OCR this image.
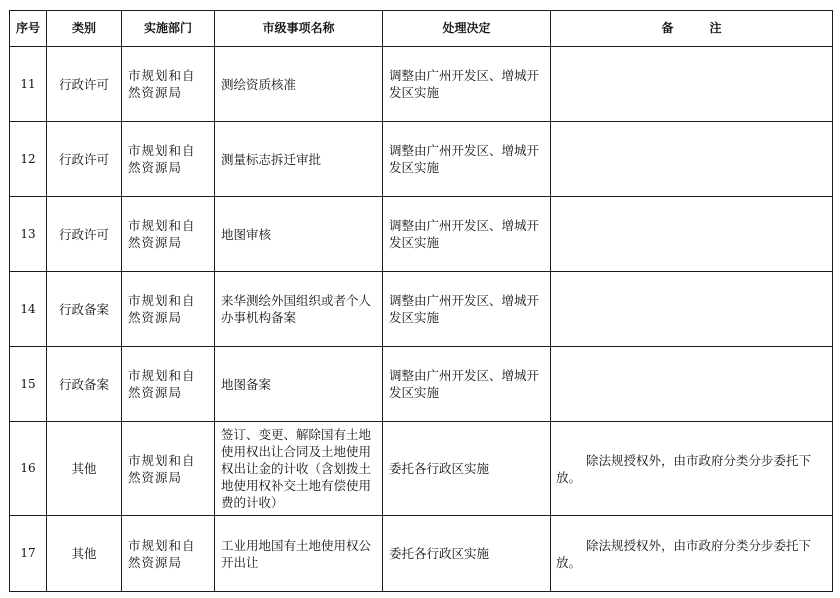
序号	类别	实施部门	市级事项名称	处理决定	备 注
11	行政许可	市规划和自然资源局	测绘资质核准	调整由广州开发区、增城开发区实施	

12	行政许可	市规划和自然资源局	测量标志拆迁审批	调整由广州开发区、增城开发区实施	

13	行政许可	市规划和自然资源局	地图审核	调整由广州开发区、增城开发区实施	

14	行政备案	市规划和自然资源局	来华测绘外国组织或者个人办事机构备案	调整由广州开发区、增城开发区实施	

15	行政备案	市规划和自然资源局	地图备案	调整由广州开发区、增城开发区实施	

16	其他	市规划和自然资源局	签订、变更、解除国有土地使用权出让合同及土地使用权出让金的计收（含划拨土地使用权补交土地有偿使用费的计收）	委托各行政区实施	除法规授权外，由市政府分类分步委托下放。

17	其他	市规划和自然资源局	工业用地国有土地使用权公开出让	委托各行政区实施	除法规授权外，由市政府分类分步委托下放。
